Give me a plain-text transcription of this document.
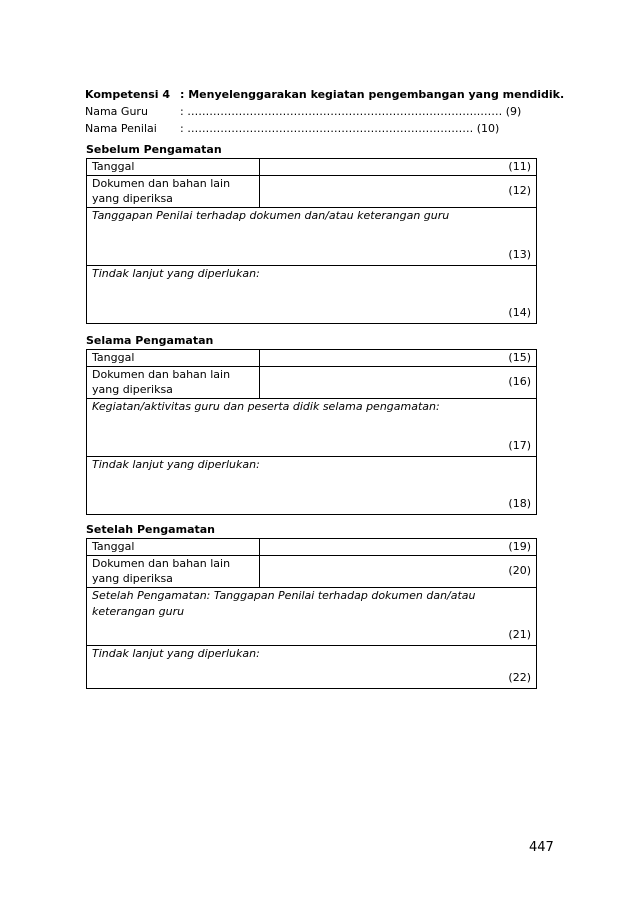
Kompetensi 4 : Menyelenggarakan kegiatan pengembangan yang mendidik.
Nama Guru	: ……………………………………………………………………..…… (9)
Nama Penilai	: …………………………………………………………………… (10)
Sebelum Pengamatan
Tanggal	(11)

Dokumen dan bahan lain yang diperiksa	(12)

Tanggapan Penilai terhadap dokumen dan/atau keterangan guru
(13)	

Tindak lanjut yang diperlukan:
(14)	
Selama Pengamatan
Tanggal	(15)

Dokumen dan bahan lain yang diperiksa	(16)

Kegiatan/aktivitas guru dan peserta didik selama pengamatan:
(17)	

Tindak lanjut yang diperlukan:
(18)	
Setelah Pengamatan
Tanggal	(19)

Dokumen dan bahan lain yang diperiksa	(20)

Setelah Pengamatan: Tanggapan Penilai terhadap dokumen dan/atau keterangan guru
(21)	

Tindak lanjut yang diperlukan:
(22)	
447
